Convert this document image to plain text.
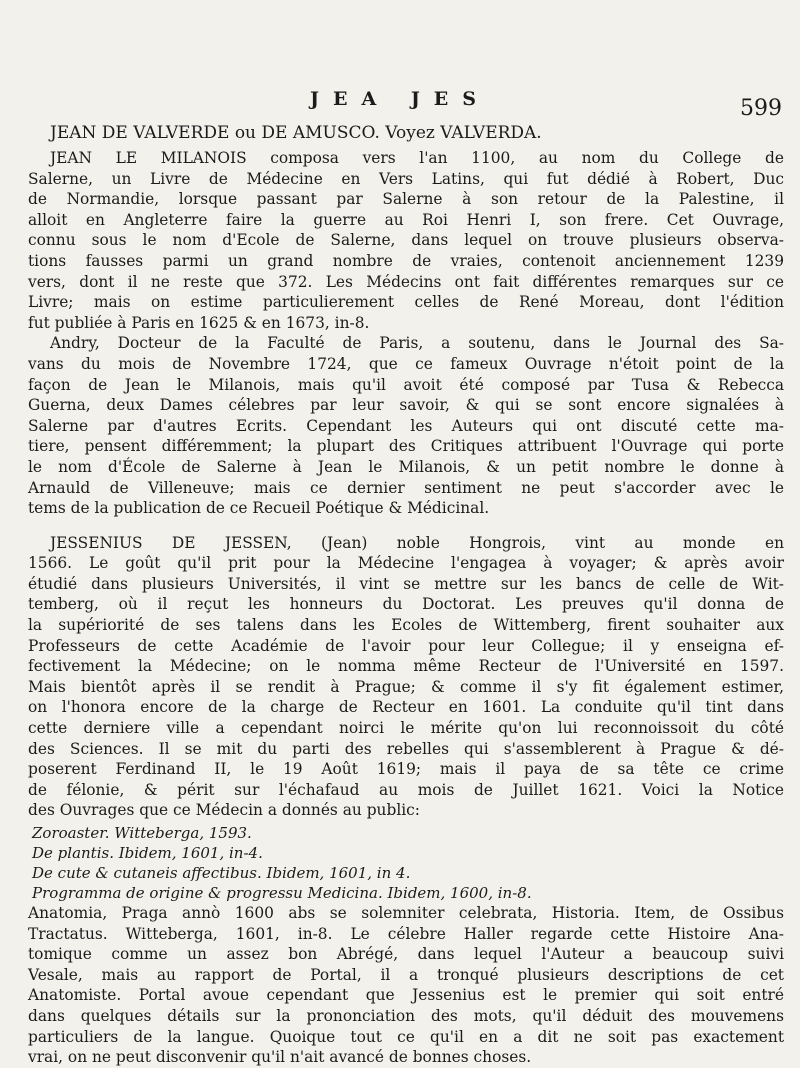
JEA JES	599

JEAN DE VALVERDE ou DE AMUSCO. Voyez VALVERDA.

JEAN LE MILANOIS composa vers l'an 1100, au nom du College de
Salerne, un Livre de Médecine en Vers Latins, qui fut dédié à Robert, Duc
de Normandie, lorsque passant par Salerne à son retour de la Palestine, il
alloit en Angleterre faire la guerre au Roi Henri I, son frere. Cet Ouvrage,
connu sous le nom d'Ecole de Salerne, dans lequel on trouve plusieurs observa-
tions fausses parmi un grand nombre de vraies, contenoit anciennement 1239
vers, dont il ne reste que 372. Les Médecins ont fait différentes remarques sur ce
Livre; mais on estime particulierement celles de René Moreau, dont l'édition
fut publiée à Paris en 1625 & en 1673, in-8.

Andry, Docteur de la Faculté de Paris, a soutenu, dans le Journal des Sa-
vans du mois de Novembre 1724, que ce fameux Ouvrage n'étoit point de la
façon de Jean le Milanois, mais qu'il avoit été composé par Tusa & Rebecca
Guerna, deux Dames célebres par leur savoir, & qui se sont encore signalées à
Salerne par d'autres Ecrits. Cependant les Auteurs qui ont discuté cette ma-
tiere, pensent différemment; la plupart des Critiques attribuent l'Ouvrage qui porte
le nom d'École de Salerne à Jean le Milanois, & un petit nombre le donne à
Arnauld de Villeneuve; mais ce dernier sentiment ne peut s'accorder avec le
tems de la publication de ce Recueil Poétique & Médicinal.

JESSENIUS DE JESSEN, (Jean) noble Hongrois, vint au monde en
1566. Le goût qu'il prit pour la Médecine l'engagea à voyager; & après avoir
étudié dans plusieurs Universités, il vint se mettre sur les bancs de celle de Wit-
temberg, où il reçut les honneurs du Doctorat. Les preuves qu'il donna de
la supériorité de ses talens dans les Ecoles de Wittemberg, firent souhaiter aux
Professeurs de cette Académie de l'avoir pour leur Collegue; il y enseigna ef-
fectivement la Médecine; on le nomma même Recteur de l'Université en 1597.
Mais bientôt après il se rendit à Prague; & comme il s'y fit également estimer,
on l'honora encore de la charge de Recteur en 1601. La conduite qu'il tint dans
cette derniere ville a cependant noirci le mérite qu'on lui reconnoissoit du côté
des Sciences. Il se mit du parti des rebelles qui s'assemblerent à Prague & dé-
poserent Ferdinand II, le 19 Août 1619; mais il paya de sa tête ce crime
de félonie, & périt sur l'échafaud au mois de Juillet 1621. Voici la Notice
des Ouvrages que ce Médecin a donnés au public:

Zoroaster. Witteberga, 1593.
De plantis. Ibidem, 1601, in-4.
De cute & cutaneis affectibus. Ibidem, 1601, in 4.
Programma de origine & progressu Medicina. Ibidem, 1600, in-8.

Anatomia, Praga annò 1600 abs se solemniter celebrata, Historia. Item, de Ossibus
Tractatus. Witteberga, 1601, in-8. Le célebre Haller regarde cette Histoire Ana-
tomique comme un assez bon Abrégé, dans lequel l'Auteur a beaucoup suivi
Vesale, mais au rapport de Portal, il a tronqué plusieurs descriptions de cet
Anatomiste. Portal avoue cependant que Jessenius est le premier qui soit entré
dans quelques détails sur la prononciation des mots, qu'il déduit des mouvemens
particuliers de la langue. Quoique tout ce qu'il en a dit ne soit pas exactement
vrai, on ne peut disconvenir qu'il n'ait avancé de bonnes choses.
